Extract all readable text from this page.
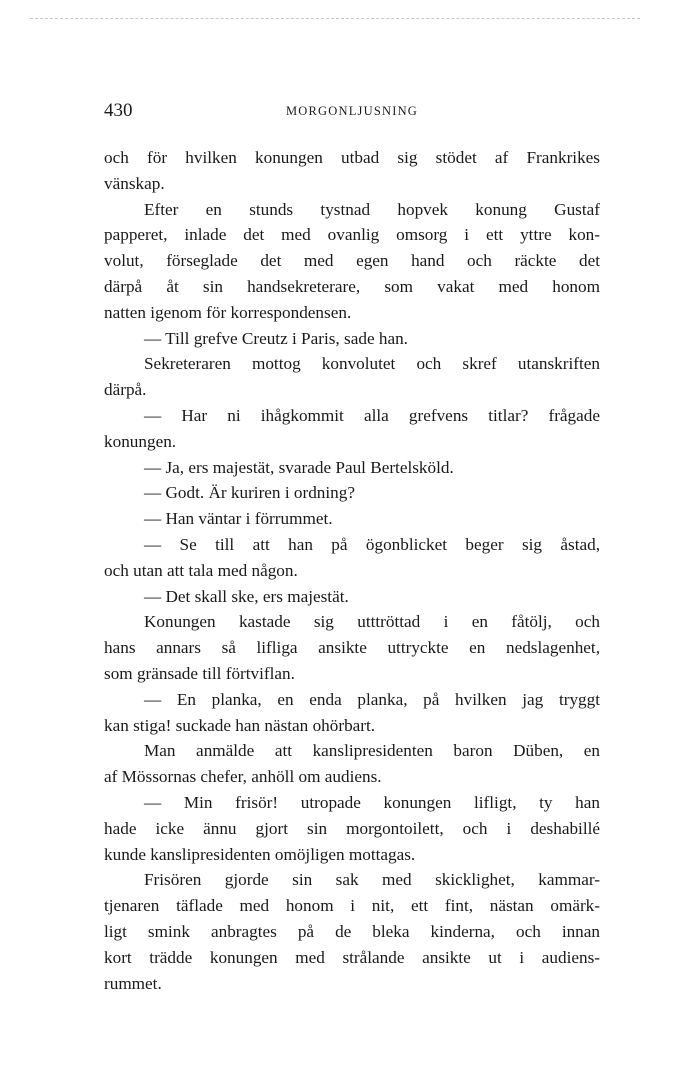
430	MORGONLJUSNING
och för hvilken konungen utbad sig stödet af Frankrikes
vänskap.
Efter en stunds tystnad hopvek konung Gustaf
papperet, inlade det med ovanlig omsorg i ett yttre kon-
volut, förseglade det med egen hand och räckte det
därpå åt sin handsekreterare, som vakat med honom
natten igenom för korrespondensen.
— Till grefve Creutz i Paris, sade han.
Sekreteraren mottog konvolutet och skref utanskriften
därpå.
— Har ni ihågkommit alla grefvens titlar? frågade
konungen.
— Ja, ers majestät, svarade Paul Bertelsköld.
— Godt. Är kuriren i ordning?
— Han väntar i förrummet.
— Se till att han på ögonblicket beger sig åstad,
och utan att tala med någon.
— Det skall ske, ers majestät.
Konungen kastade sig utttröttad i en fåtölj, och
hans annars så lifliga ansikte uttryckte en nedslagenhet,
som gränsade till förtviflan.
— En planka, en enda planka, på hvilken jag tryggt
kan stiga! suckade han nästan ohörbart.
Man anmälde att kanslipresidenten baron Düben, en
af Mössornas chefer, anhöll om audiens.
— Min frisör! utropade konungen lifligt, ty han
hade icke ännu gjort sin morgontoilett, och i deshabillé
kunde kanslipresidenten omöjligen mottagas.
Frisören gjorde sin sak med skicklighet, kammar-
tjenaren täflade med honom i nit, ett fint, nästan omärk-
ligt smink anbragtes på de bleka kinderna, och innan
kort trädde konungen med strålande ansikte ut i audiens-
rummet.
